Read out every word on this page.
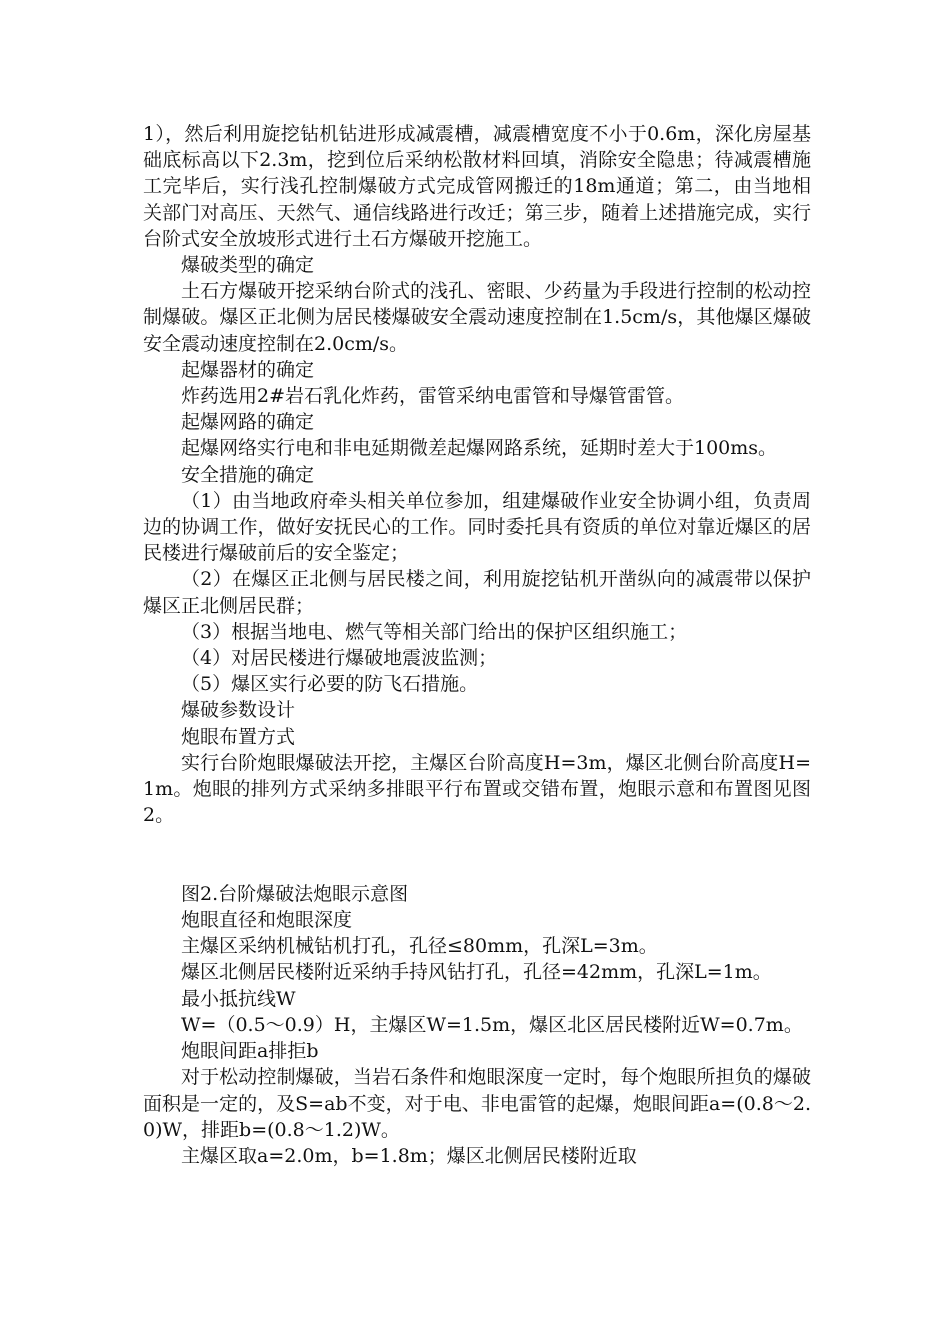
1），然后利用旋挖钻机钻进形成减震槽，减震槽宽度不小于0.6m，深化房屋基础底标高以下2.3m，挖到位后采纳松散材料回填，消除安全隐患；待减震槽施工完毕后，实行浅孔控制爆破方式完成管网搬迁的18m通道；第二，由当地相关部门对高压、天然气、通信线路进行改迁；第三步，随着上述措施完成，实行台阶式安全放坡形式进行土石方爆破开挖施工。

爆破类型的确定

土石方爆破开挖采纳台阶式的浅孔、密眼、少药量为手段进行控制的松动控制爆破。爆区正北侧为居民楼爆破安全震动速度控制在1.5cm/s，其他爆区爆破安全震动速度控制在2.0cm/s。

起爆器材的确定

炸药选用2#岩石乳化炸药，雷管采纳电雷管和导爆管雷管。

起爆网路的确定

起爆网络实行电和非电延期微差起爆网路系统，延期时差大于100ms。

安全措施的确定

（1）由当地政府牵头相关单位参加，组建爆破作业安全协调小组，负责周边的协调工作，做好安抚民心的工作。同时委托具有资质的单位对靠近爆区的居民楼进行爆破前后的安全鉴定；

（2）在爆区正北侧与居民楼之间，利用旋挖钻机开凿纵向的减震带以保护爆区正北侧居民群；

（3）根据当地电、燃气等相关部门给出的保护区组织施工；

（4）对居民楼进行爆破地震波监测；

（5）爆区实行必要的防飞石措施。

爆破参数设计

炮眼布置方式

实行台阶炮眼爆破法开挖，主爆区台阶高度H=3m，爆区北侧台阶高度H=1m。炮眼的排列方式采纳多排眼平行布置或交错布置，炮眼示意和布置图见图2。

图2.台阶爆破法炮眼示意图

炮眼直径和炮眼深度

主爆区采纳机械钻机打孔，孔径≤80mm，孔深L=3m。

爆区北侧居民楼附近采纳手持风钻打孔，孔径=42mm，孔深L=1m。

最小抵抗线W

W=（0.5～0.9）H，主爆区W=1.5m，爆区北区居民楼附近W=0.7m。

炮眼间距a排拒b

对于松动控制爆破，当岩石条件和炮眼深度一定时，每个炮眼所担负的爆破面积是一定的，及S=ab不变，对于电、非电雷管的起爆，炮眼间距a=(0.8～2.0)W，排距b=(0.8～1.2)W。

主爆区取a=2.0m，b=1.8m；爆区北侧居民楼附近取
